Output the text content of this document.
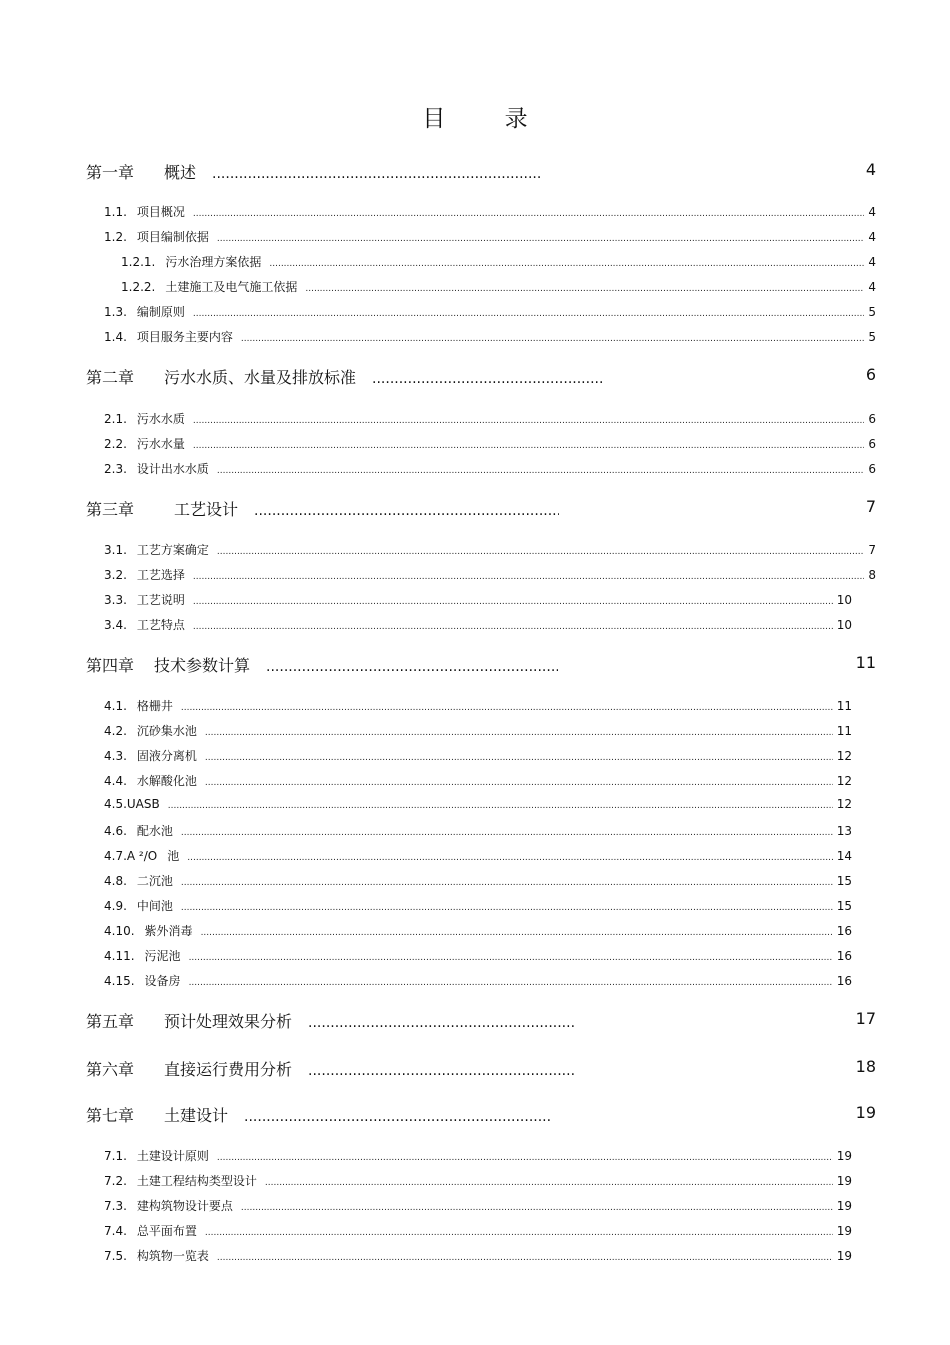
目	录
第一章	概述 .....	4
1.1. 项目概况 .....	4
1.2. 项目编制依据 .....	4
1.2.1. 污水治理方案依据 .....	4
1.2.2. 土建施工及电气施工依据 .....	4
1.3. 编制原则 .....	5
1.4. 项目服务主要内容 .....	5
第二章	污水水质、水量及排放标准 .....	6
2.1. 污水水质 .....	6
2.2. 污水水量 .....	6
2.3. 设计出水水质 .....	6
第三章	工艺设计 .....	7
3.1. 工艺方案确定 .....	7
3.2. 工艺选择 .....	8
3.3. 工艺说明 .....	10
3.4. 工艺特点 .....	10
第四章	技术参数计算 .....	11
4.1. 格栅井 .....	11
4.2. 沉砂集水池 .....	11
4.3. 固液分离机 .....	12
4.4. 水解酸化池 .....	12
4.5.UASB .....	12
4.6. 配水池 .....	13
4.7.A ²/O 池 .....	14
4.8. 二沉池 .....	15
4.9. 中间池 .....	15
4.10. 紫外消毒 .....	16
4.11. 污泥池 .....	16
4.15. 设备房 .....	16
第五章	预计处理效果分析 .....	17
第六章	直接运行费用分析 .....	18
第七章	土建设计 .....	19
7.1. 土建设计原则 .....	19
7.2. 土建工程结构类型设计 .....	19
7.3. 建构筑物设计要点 .....	19
7.4. 总平面布置 .....	19
7.5. 构筑物一览表 .....	19
